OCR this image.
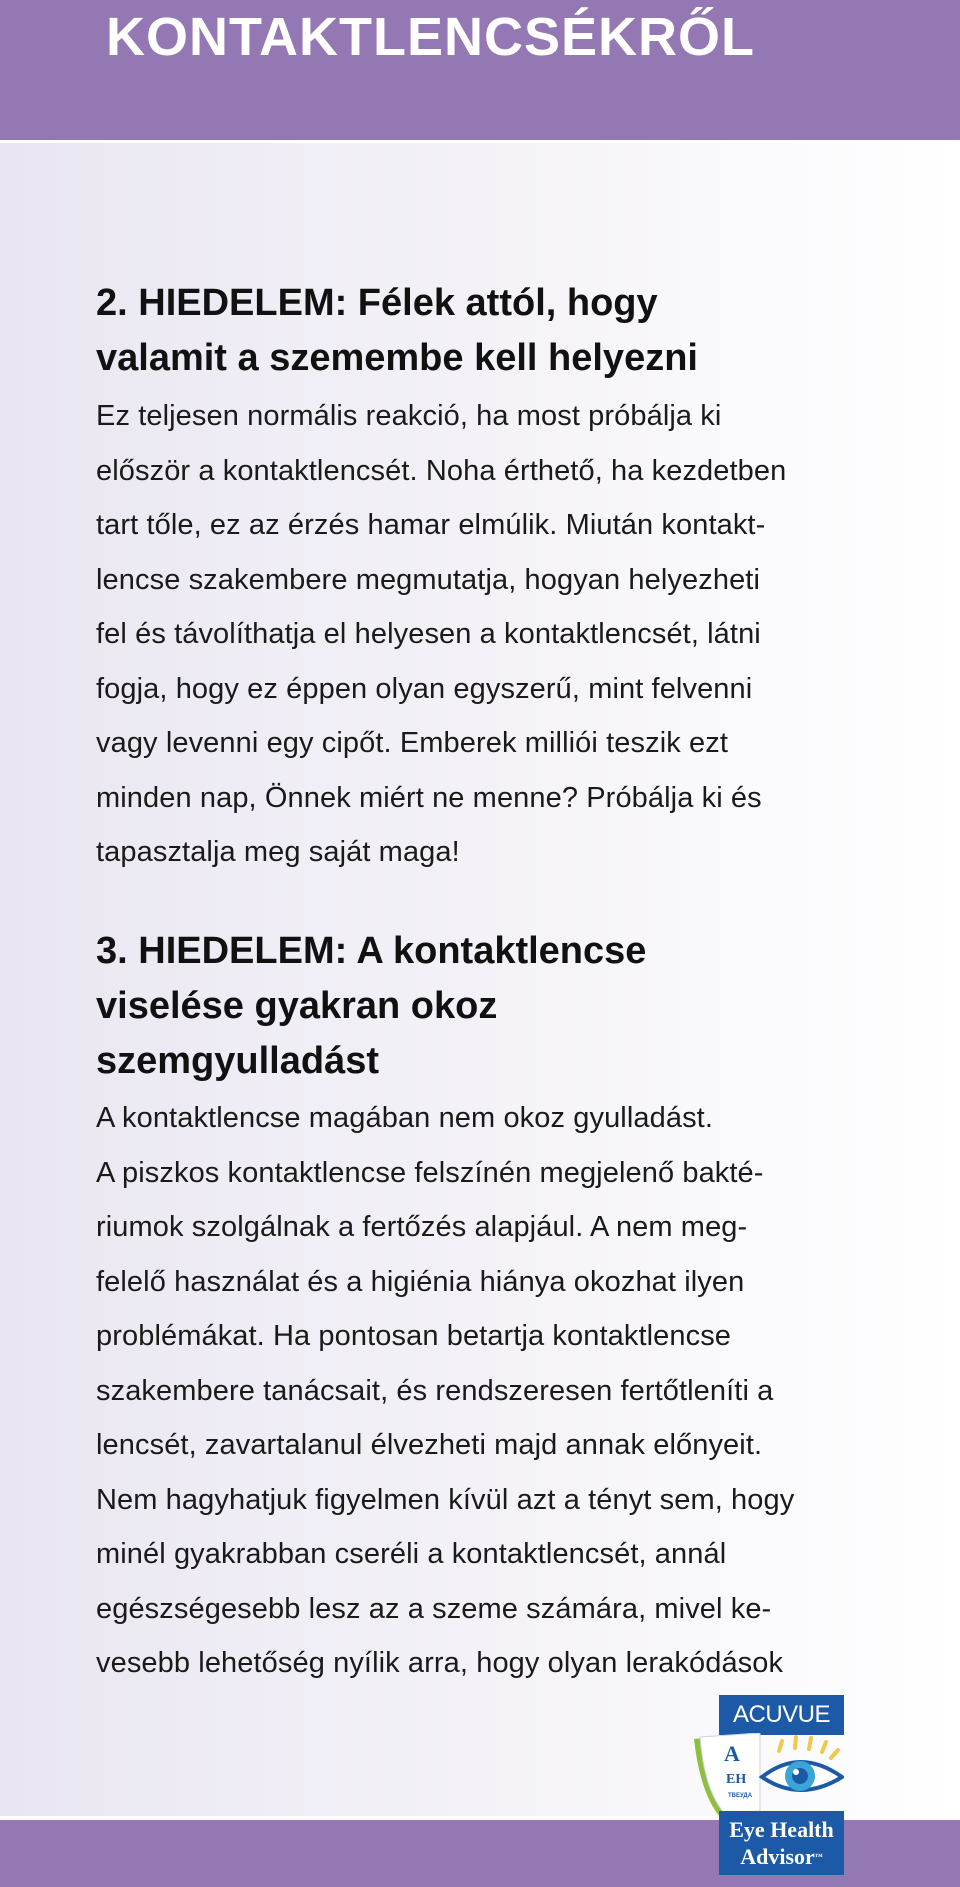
KONTAKTLENCSÉKRŐL
2. HIEDELEM: Félek attól, hogy
valamit a szemembe kell helyezni

Ez teljesen normális reakció, ha most próbálja ki
először a kontaktlencsét. Noha érthető, ha kezdetben
tart tőle, ez az érzés hamar elmúlik. Miután kontakt-
lencse szakembere megmutatja, hogyan helyezheti
fel és távolíthatja el helyesen a kontaktlencsét, látni
fogja, hogy ez éppen olyan egyszerű, mint felvenni
vagy levenni egy cipőt. Emberek milliói teszik ezt
minden nap, Önnek miért ne menne? Próbálja ki és
tapasztalja meg saját maga!

3. HIEDELEM: A kontaktlencse
viselése gyakran okoz
szemgyulladást

A kontaktlencse magában nem okoz gyulladást.
A piszkos kontaktlencse felszínén megjelenő bakté-
riumok szolgálnak a fertőzés alapjául. A nem meg-
felelő használat és a higiénia hiánya okozhat ilyen
problémákat. Ha pontosan betartja kontaktlencse
szakembere tanácsait, és rendszeresen fertőtleníti a
lencsét, zavartalanul élvezheti majd annak előnyeit.
Nem hagyhatjuk figyelmen kívül azt a tényt sem, hogy
minél gyakrabban cseréli a kontaktlencsét, annál
egészségesebb lesz az a szeme számára, mivel ke-
vesebb lehetőség nyílik arra, hogy olyan lerakódások

ACUVUE
A
EH
ТВЕУДА
Eye Health
Advisor™
